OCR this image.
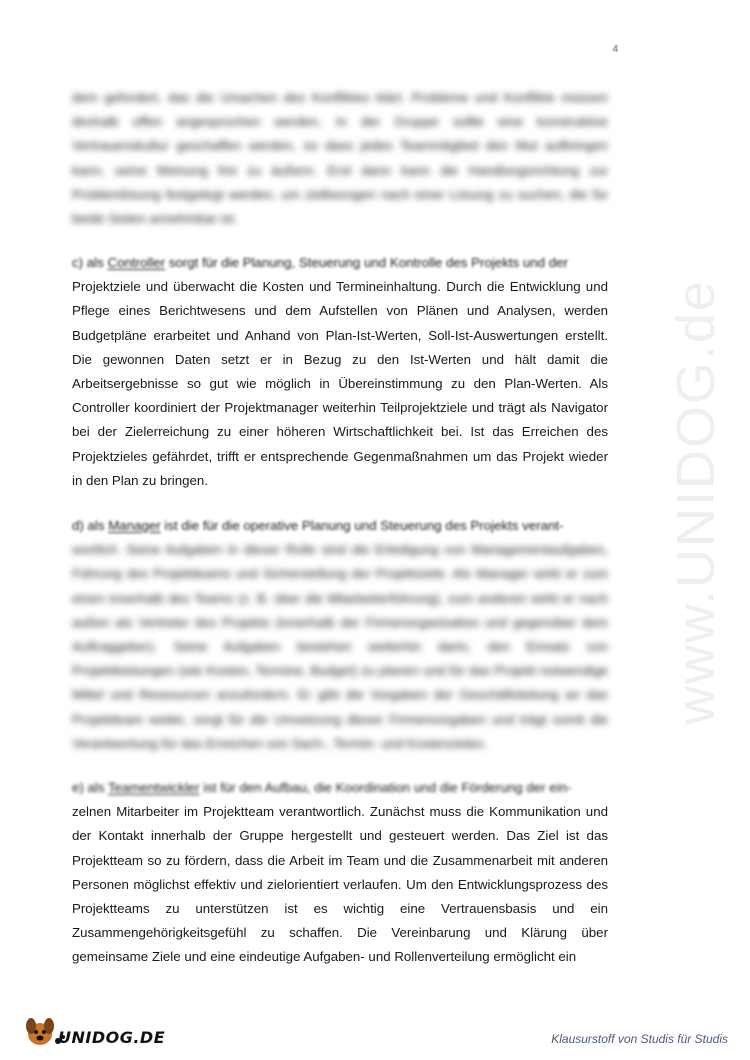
4

dem gefordert, das die Ursachen des Konfliktes klärt. Probleme und Konflikte müssen deshalb offen angesprochen werden. In der Gruppe sollte eine konstruktive Vertrauenskultur geschaffen werden, so dass jedes Teammitglied den Mut aufbringen kann, seine Meinung frei zu äußern. Erst dann kann die Handlungsrichtung zur Problemlösung festgelegt werden, um zielbezogen nach einer Lösung zu suchen, die für beide Seiten annehmbar ist.

c) als Controller sorgt für die Planung, Steuerung und Kontrolle des Projekts und der
Projektziele und überwacht die Kosten und Termineinhaltung. Durch die Entwicklung und Pflege eines Berichtwesens und dem Aufstellen von Plänen und Analysen, werden Budgetpläne erarbeitet und Anhand von Plan-Ist-Werten, Soll-Ist-Auswertungen erstellt. Die gewonnen Daten setzt er in Bezug zu den Ist-Werten und hält damit die Arbeitsergebnisse so gut wie möglich in Übereinstimmung zu den Plan-Werten. Als Controller koordiniert der Projektmanager weiterhin Teilprojektziele und trägt als Navigator bei der Zielerreichung zu einer höheren Wirtschaftlichkeit bei. Ist das Erreichen des Projektzieles gefährdet, trifft er entsprechende Gegenmaßnahmen um das Projekt wieder in den Plan zu bringen.
d) als Manager ist die für die operative Planung und Steuerung des Projekts verant-
wortlich. Seine Aufgaben in dieser Rolle sind die Erledigung von Managementaufgaben, Führung des Projektteams und Sicherstellung der Projektziele. Als Manager wirkt er zum einen innerhalb des Teams (z. B. über die Mitarbeiterführung), zum anderen wirkt er nach außen als Vertreter des Projekts (innerhalb der Firmenorganisation und gegenüber dem Auftraggeber). Seine Aufgaben bestehen weiterhin darin, den Einsatz von Projektleistungen (wie Kosten, Termine, Budget) zu planen und für das Projekt notwendige Mittel und Ressourcen anzufordern. Er gibt die Vorgaben der Geschäftsleitung an das Projektteam weiter, sorgt für die Umsetzung dieser Firmenvorgaben und trägt somit die Verantwortung für das Erreichen von Sach-, Termin- und Kostenzielen.
e) als Teamentwickler ist für den Aufbau, die Koordination und die Förderung der ein-
zelnen Mitarbeiter im Projektteam verantwortlich. Zunächst muss die Kommunikation und der Kontakt innerhalb der Gruppe hergestellt und gesteuert werden. Das Ziel ist das Projektteam so zu fördern, dass die Arbeit im Team und die Zusammenarbeit mit anderen Personen möglichst effektiv und zielorientiert verlaufen. Um den Entwicklungsprozess des Projektteams zu unterstützen ist es wichtig eine Vertrauensbasis und ein Zusammengehörigkeitsgefühl zu schaffen. Die Vereinbarung und Klärung über gemeinsame Ziele und eine eindeutige Aufgaben- und Rollenverteilung ermöglicht ein
www.UNIDOG.de
UNIDOG.DE	Klausurstoff von Studis für Studis
